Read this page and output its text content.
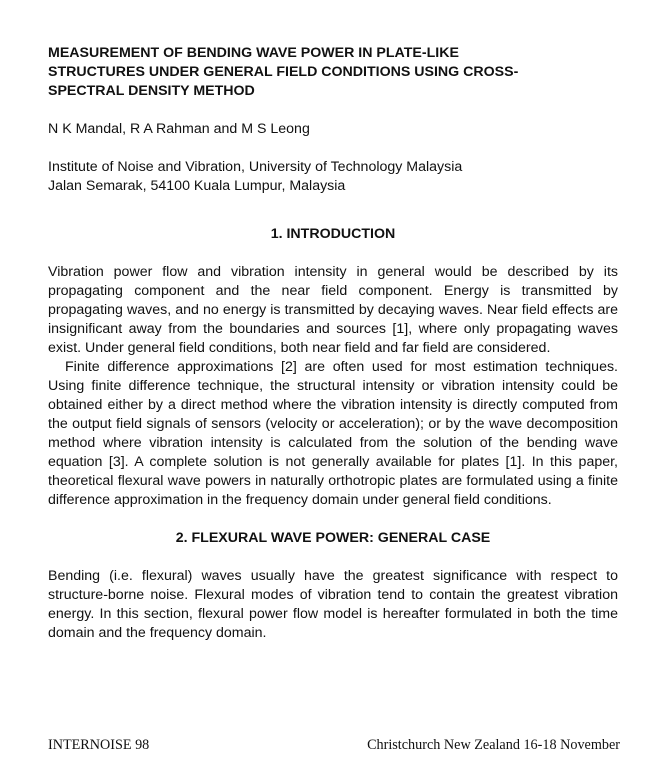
MEASUREMENT OF BENDING WAVE POWER IN PLATE-LIKE
STRUCTURES UNDER GENERAL FIELD CONDITIONS USING CROSS-
SPECTRAL DENSITY METHOD
N K Mandal, R A Rahman and M S Leong
Institute of Noise and Vibration, University of Technology Malaysia
Jalan Semarak, 54100 Kuala Lumpur, Malaysia
1. INTRODUCTION

Vibration power flow and vibration intensity in general would be described by its propagating component and the near field component. Energy is transmitted by propagating waves, and no energy is transmitted by decaying waves. Near field effects are insignificant away from the boundaries and sources [1], where only propagating waves exist. Under general field conditions, both near field and far field are considered.

Finite difference approximations [2] are often used for most estimation techniques. Using finite difference technique, the structural intensity or vibration intensity could be obtained either by a direct method where the vibration intensity is directly computed from the output field signals of sensors (velocity or acceleration); or by the wave decomposition method where vibration intensity is calculated from the solution of the bending wave equation [3]. A complete solution is not generally available for plates [1]. In this paper, theoretical flexural wave powers in naturally orthotropic plates are formulated using a finite difference approximation in the frequency domain under general field conditions.

2. FLEXURAL WAVE POWER: GENERAL CASE

Bending (i.e. flexural) waves usually have the greatest significance with respect to structure-borne noise. Flexural modes of vibration tend to contain the greatest vibration energy. In this section, flexural power flow model is hereafter formulated in both the time domain and the frequency domain.

INTERNOISE 98	Christchurch New Zealand 16-18 November
